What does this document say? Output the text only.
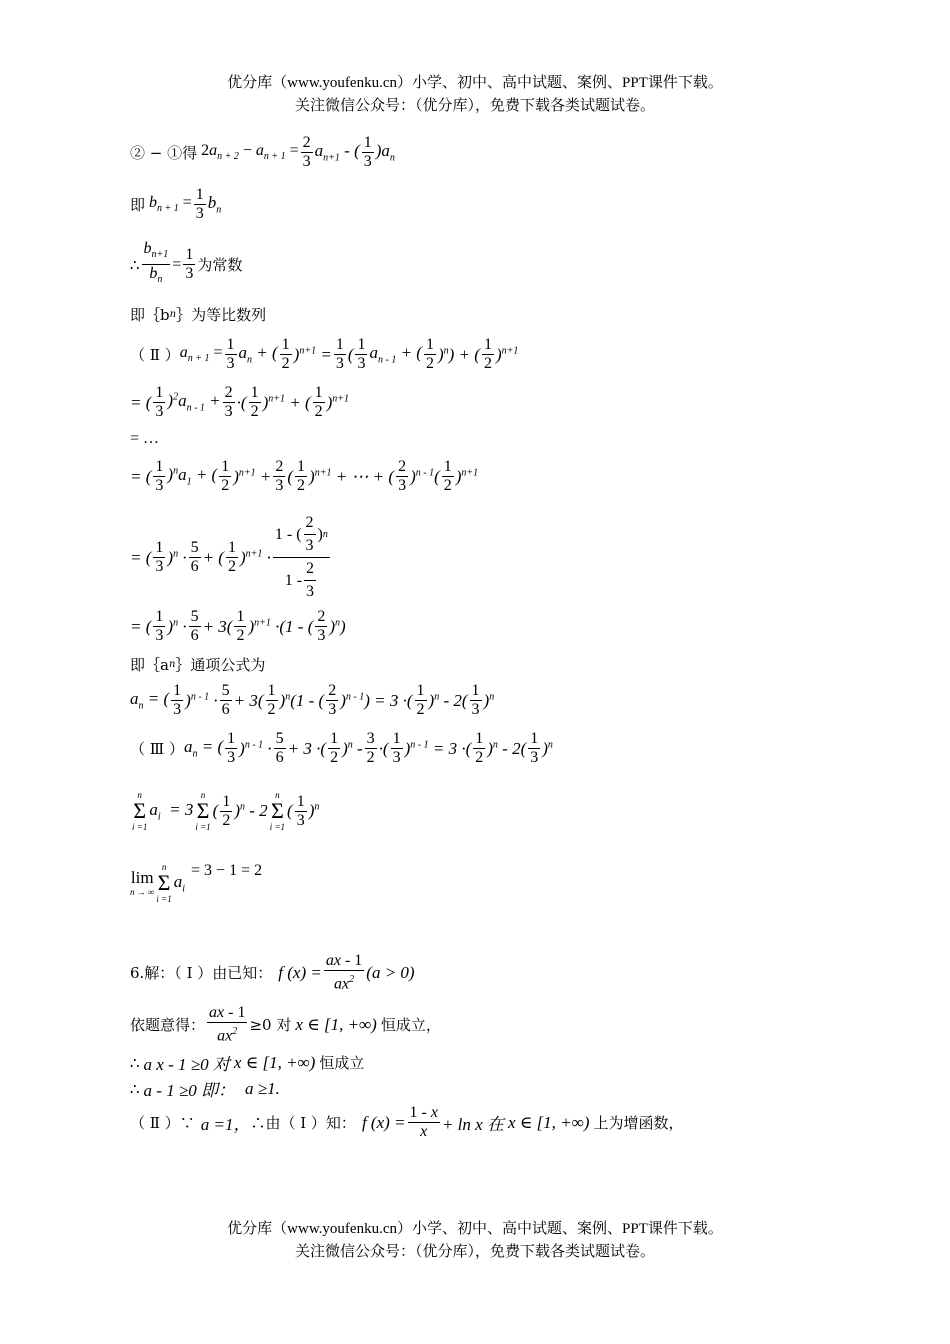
优分库（www.youfenku.cn）小学、初中、高中试题、案例、PPT课件下载。
关注微信公众号：（优分库），免费下载各类试题试卷。
② − ①得 $2a_{n + 2} - a_{n + 1} = \frac{2}{3} a_{n+1}$ - ( $\frac{1}{3} )a_n$
即 $b_{n + 1} = \frac{1}{3} b_n$
∴ $\frac{b_{n+1}}{b_n} = \frac{1}{3}$ 为常数
即｛b n ｝为等比数列
（ Ⅱ ） $a_{n + 1} = \frac{1}{3} a_n$ + ( $\frac{1}{2} )^{n+1} = \frac{1}{3}$ ( $\frac{1}{3} a_{n - 1}$ + ( $\frac{1}{2} )^n$) + ( $\frac{1}{2} )^{n+1}$
= ( $\frac{1}{3} )^2a_{n - 1} + \frac{2}{3}$ ·( $\frac{1}{2} )^{n+1}$ + ( $\frac{1}{2} )^{n+1}$
= …
= ( $\frac{1}{3} )^na_1$ + ( $\frac{1}{2} )^{n+1} + \frac{2}{3}$ ( $\frac{1}{2} )^{n+1}$ + ⋯ + ( $\frac{2}{3} )^{n - 1}( \frac{1}{2} )^{n+1}$
= ( $\frac{1}{3} )^n \cdot \frac{5}{6}$ + ( $\frac{1}{2} )^{n+1} \cdot \frac{1 - ( \frac{2}{3} ) n}{1 - \frac{2}{3}}$
= ( $\frac{1}{3} )^n \cdot \frac{5}{6} + 3( \frac{1}{2} )^{n+1} \cdot(1$ - ( $\frac{2}{3} )^n$)
即｛a n ｝通项公式为
$a_n$ = ( $\frac{1}{3} )^{n - 1} \cdot \frac{5}{6} + 3( \frac{1}{2} )^n(1$ - ( $\frac{2}{3} )^{n - 1}) = 3$ ·( $\frac{1}{2} )^n - 2( \frac{1}{3} )^n$
（ Ⅲ ） $a_n$ = ( $\frac{1}{3} )^{n - 1} \cdot \frac{5}{6} + 3$ ·( $\frac{1}{2} )^n - \frac{3}{2}$ ·( $\frac{1}{3} )^{n - 1} = 3$ ·( $\frac{1}{2} )^n - 2( \frac{1}{3} )^n$
n
Σ
i =1
$a_i = 3$
n
Σ
i =1
( $\frac{1}{2} )^n - 2$
n
Σ
i =1
( $\frac{1}{3} )^n$
lim
n → ∞
n
Σ
i =1
$a_i$
= 3 − 1 = 2
6.解：（ Ⅰ ）由已知： f $(x) = \frac{ax - 1}{ax^2} (a > 0)$
依题意得： $\frac{ax - 1}{ax^2} \ge 0$ 对 x ∈ [1, +∞) 恒成立，
∴ a x - 1 ≥0 对 x ∈ [1, +∞) 恒成立
∴ a - 1 ≥0 即： a ≥1.
（ Ⅱ ）∵ a =1， ∴由（ Ⅰ ）知： f $(x) = \frac{1 - x}{x} + \ln x$ 在 x ∈ [1, +∞) 上为增函数，
优分库（www.youfenku.cn）小学、初中、高中试题、案例、PPT课件下载。
关注微信公众号：（优分库），免费下载各类试题试卷。
